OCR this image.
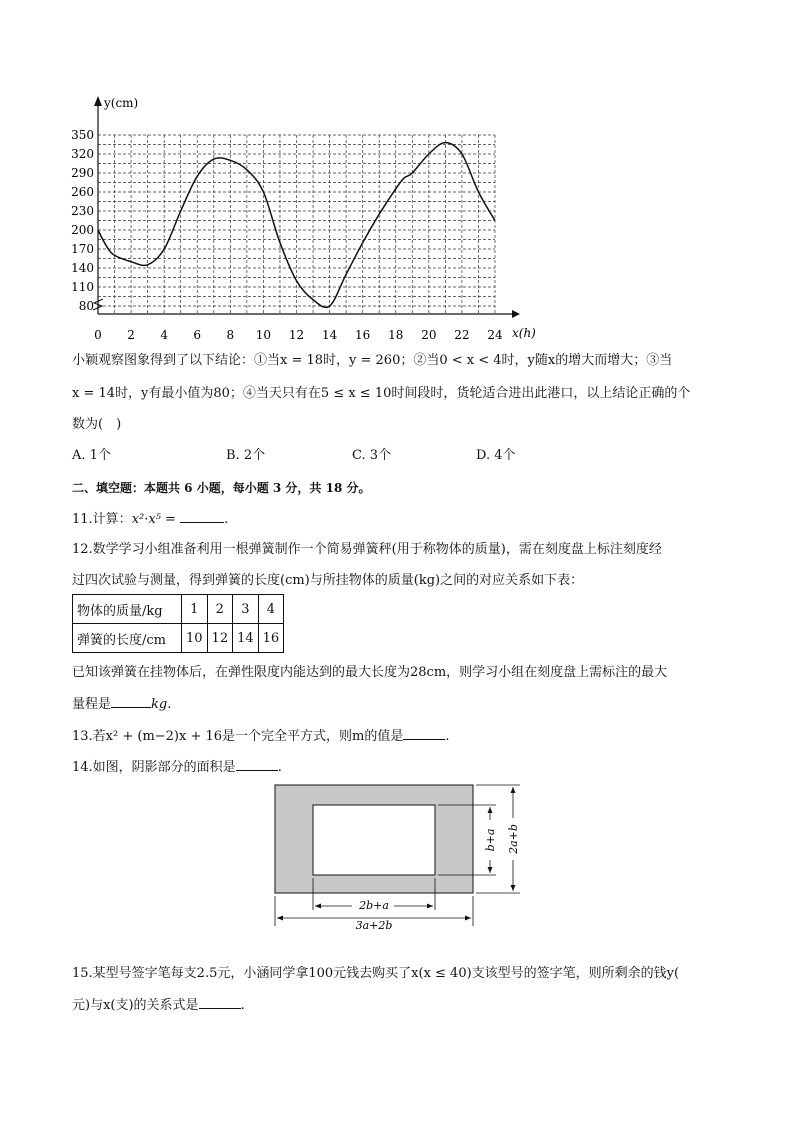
y(cm)
x(h)
80
110
140
170
200
230
260
290
320
350
0 2 4 6 8 10 12 14 16 18 20 22 24
小颖观察图象得到了以下结论：①当x = 18时，y = 260；②当0 < x < 4时，y随x的增大而增大；③当
x = 14时，y有最小值为80；④当天只有在5 ≤ x ≤ 10时间段时，货轮适合进出此港口，以上结论正确的个
数为(　)
A. 1个	B. 2个	C. 3个	D. 4个
二、填空题：本题共 6 小题，每小题 3 分，共 18 分。
11.计算：x²·x⁵ =	.
12.数学学习小组准备利用一根弹簧制作一个简易弹簧秤(用于称物体的质量)，需在刻度盘上标注刻度经
过四次试验与测量，得到弹簧的长度(cm)与所挂物体的质量(kg)之间的对应关系如下表：
物体的质量/kg	1	2	3	4
弹簧的长度/cm	10	12	14	16
已知该弹簧在挂物体后，在弹性限度内能达到的最大长度为28cm，则学习小组在刻度盘上需标注的最大
量程是	kg.
13.若x² + (m−2)x + 16是一个完全平方式，则m的值是	.
14.如图，阴影部分的面积是	.
2b+a
3a+2b
b+a 2a+b
15.某型号签字笔每支2.5元，小涵同学拿100元钱去购买了x(x ≤ 40)支该型号的签字笔，则所剩余的钱y(
元)与x(支)的关系式是	.
